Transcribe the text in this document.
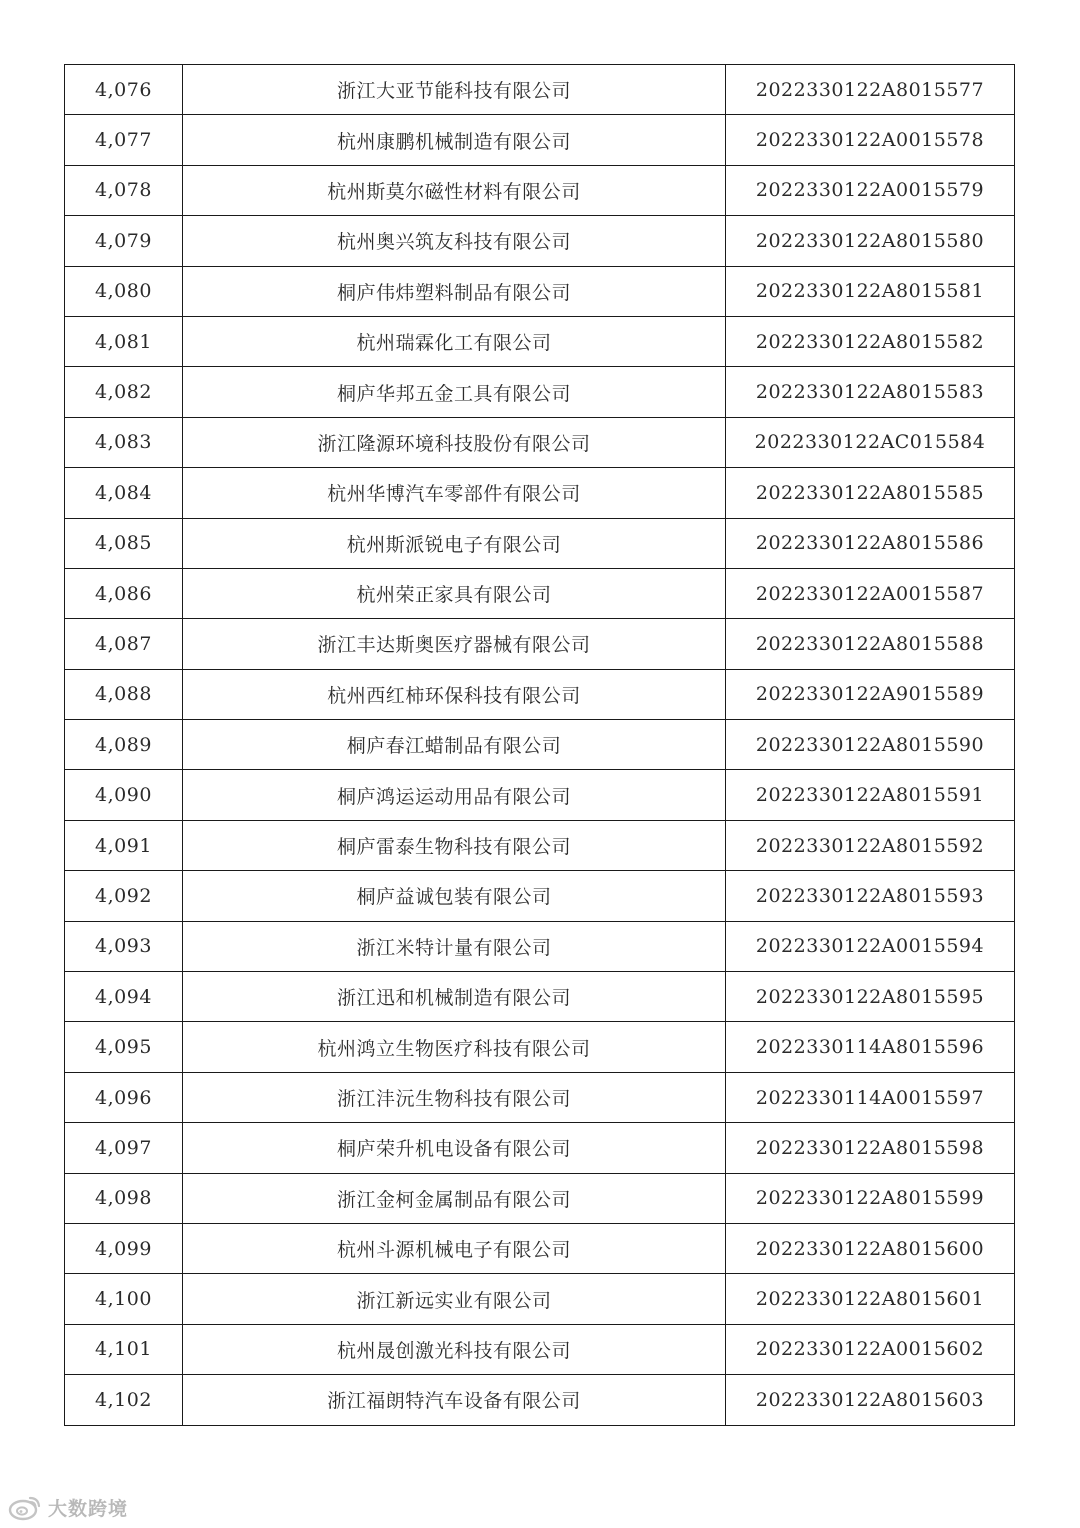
4,076	浙江大亚节能科技有限公司	2022330122A8015577
4,077	杭州康鹏机械制造有限公司	2022330122A0015578
4,078	杭州斯莫尔磁性材料有限公司	2022330122A0015579
4,079	杭州奥兴筑友科技有限公司	2022330122A8015580
4,080	桐庐伟炜塑料制品有限公司	2022330122A8015581
4,081	杭州瑞霖化工有限公司	2022330122A8015582
4,082	桐庐华邦五金工具有限公司	2022330122A8015583
4,083	浙江隆源环境科技股份有限公司	2022330122AC015584
4,084	杭州华博汽车零部件有限公司	2022330122A8015585
4,085	杭州斯派锐电子有限公司	2022330122A8015586
4,086	杭州荣正家具有限公司	2022330122A0015587
4,087	浙江丰达斯奥医疗器械有限公司	2022330122A8015588
4,088	杭州西红柿环保科技有限公司	2022330122A9015589
4,089	桐庐春江蜡制品有限公司	2022330122A8015590
4,090	桐庐鸿运运动用品有限公司	2022330122A8015591
4,091	桐庐雷泰生物科技有限公司	2022330122A8015592
4,092	桐庐益诚包装有限公司	2022330122A8015593
4,093	浙江米特计量有限公司	2022330122A0015594
4,094	浙江迅和机械制造有限公司	2022330122A8015595
4,095	杭州鸿立生物医疗科技有限公司	2022330114A8015596
4,096	浙江沣沅生物科技有限公司	2022330114A0015597
4,097	桐庐荣升机电设备有限公司	2022330122A8015598
4,098	浙江金柯金属制品有限公司	2022330122A8015599
4,099	杭州斗源机械电子有限公司	2022330122A8015600
4,100	浙江新远实业有限公司	2022330122A8015601
4,101	杭州晟创激光科技有限公司	2022330122A0015602
4,102	浙江福朗特汽车设备有限公司	2022330122A8015603
大数跨境
